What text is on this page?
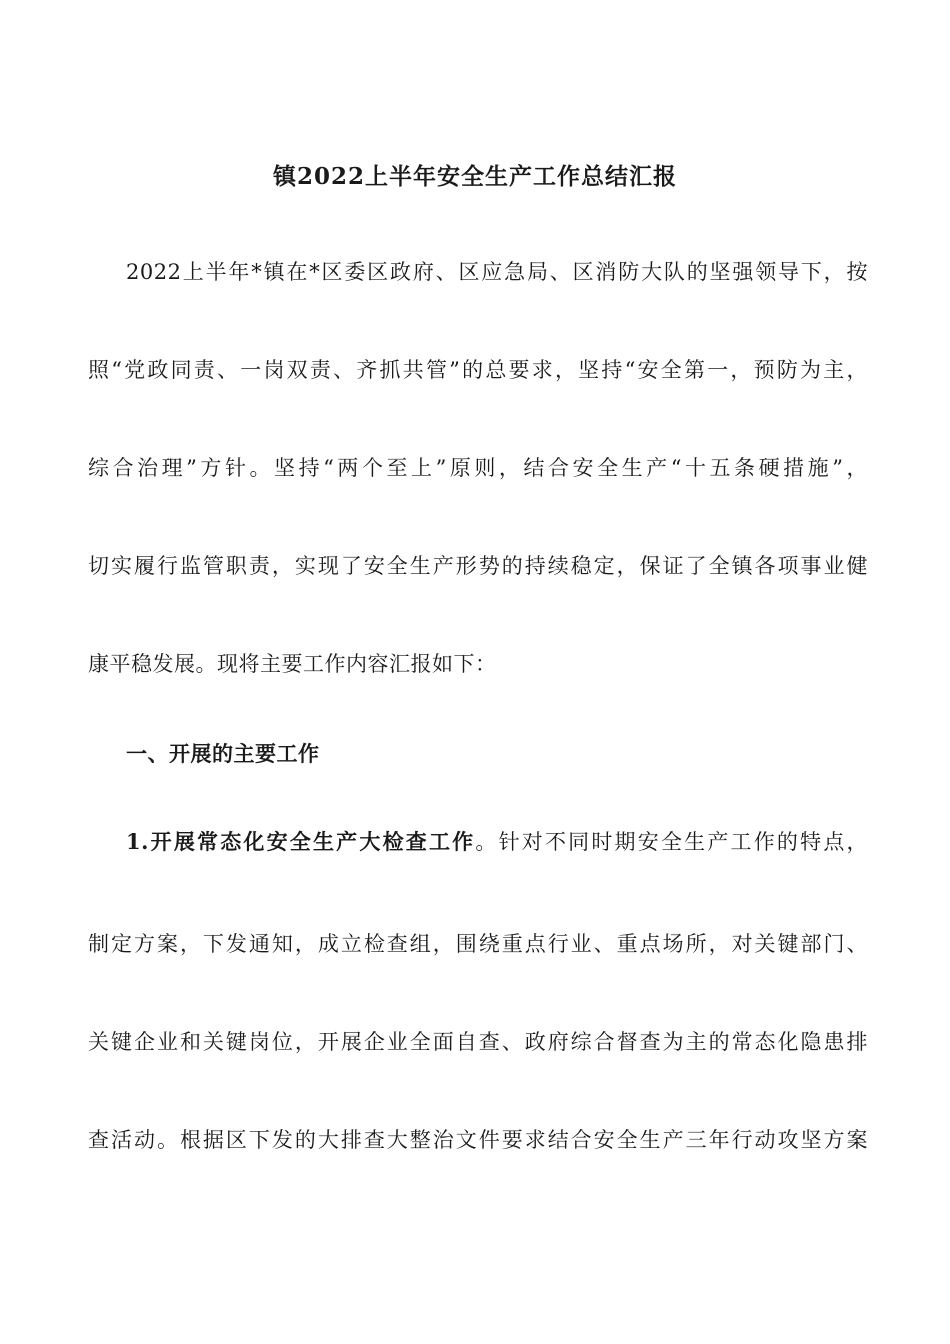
镇2022上半年安全生产工作总结汇报
2022上半年*镇在*区委区政府、区应急局、区消防大队的坚强领导下，按
照“党政同责、一岗双责、齐抓共管”的总要求，坚持“安全第一，预防为主，
综合治理”方针。坚持“两个至上”原则，结合安全生产“十五条硬措施”，
切实履行监管职责，实现了安全生产形势的持续稳定，保证了全镇各项事业健
康平稳发展。现将主要工作内容汇报如下：
一、开展的主要工作
1.开展常态化安全生产大检查工作。针对不同时期安全生产工作的特点，
制定方案，下发通知，成立检查组，围绕重点行业、重点场所，对关键部门、
关键企业和关键岗位，开展企业全面自查、政府综合督查为主的常态化隐患排
查活动。根据区下发的大排查大整治文件要求结合安全生产三年行动攻坚方案
